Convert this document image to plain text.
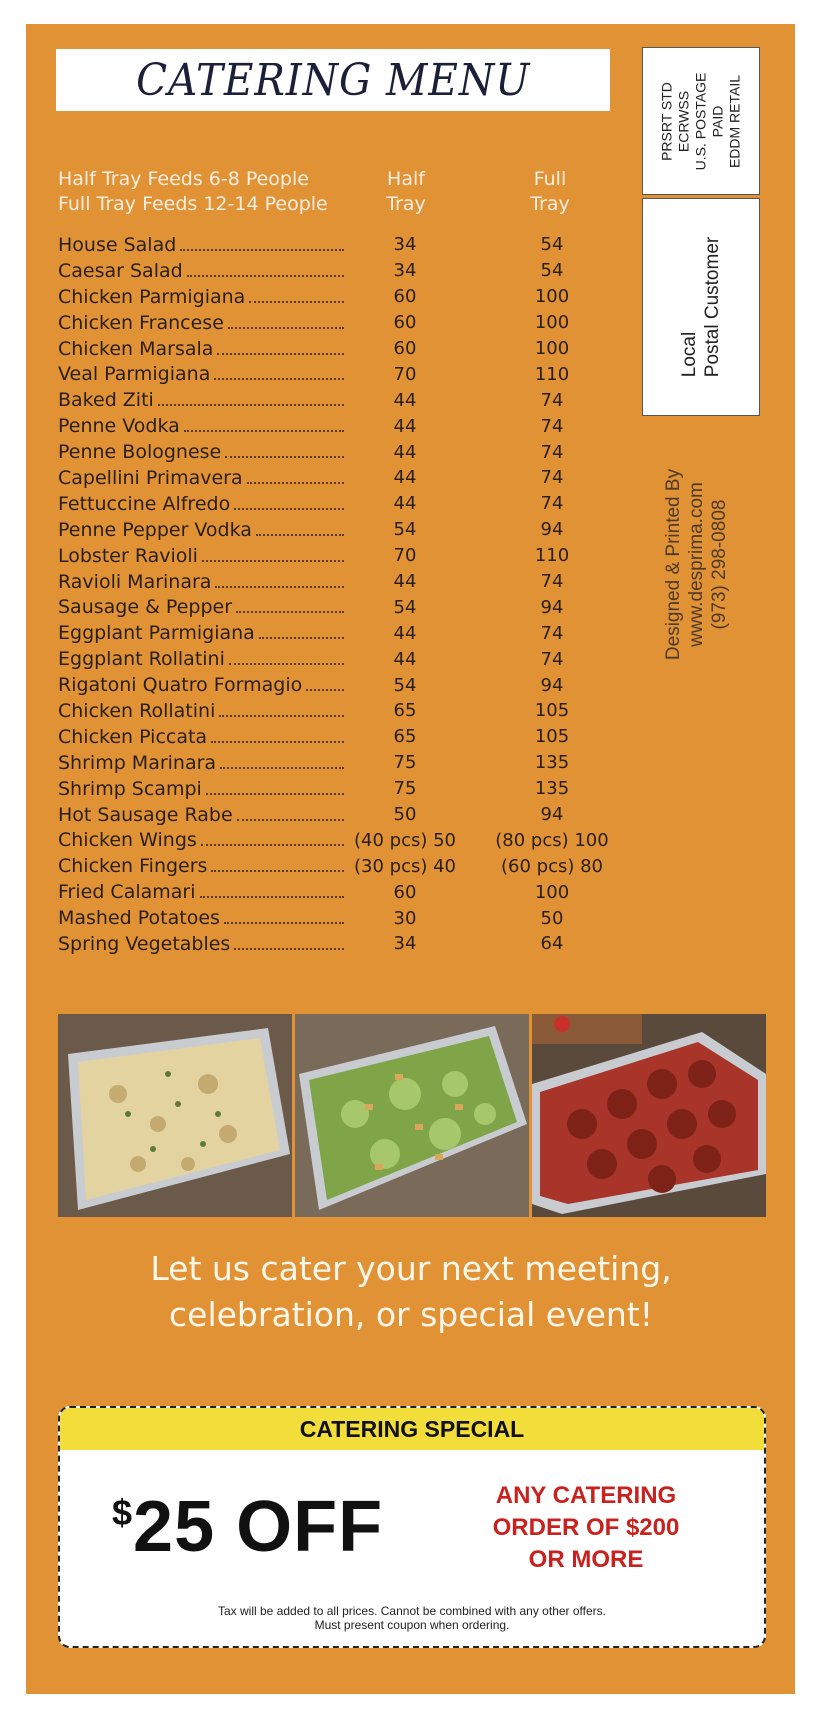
CATERING MENU
PRSRT STD ECRWSS U.S. POSTAGE PAID EDDM RETAIL
Local Postal Customer
Designed & Printed By www.desprima.com (973) 298-0808
Half Tray Feeds 6-8 People
Full Tray Feeds 12-14 People
Half
Tray
Full
Tray
House Salad	34	54
Caesar Salad	34	54
Chicken Parmigiana	60	100
Chicken Francese	60	100
Chicken Marsala	60	100
Veal Parmigiana	70	110
Baked Ziti	44	74
Penne Vodka	44	74
Penne Bolognese	44	74
Capellini Primavera	44	74
Fettuccine Alfredo	44	74
Penne Pepper Vodka	54	94
Lobster Ravioli	70	110
Ravioli Marinara	44	74
Sausage & Pepper	54	94
Eggplant Parmigiana	44	74
Eggplant Rollatini	44	74
Rigatoni Quatro Formagio	54	94
Chicken Rollatini	65	105
Chicken Piccata	65	105
Shrimp Marinara	75	135
Shrimp Scampi	75	135
Hot Sausage Rabe	50	94
Chicken Wings	(40 pcs) 50	(80 pcs) 100
Chicken Fingers	(30 pcs) 40	(60 pcs) 80
Fried Calamari	60	100
Mashed Potatoes	30	50
Spring Vegetables	34	64
Let us cater your next meeting,
celebration, or special event!
CATERING SPECIAL
$25 OFF	ANY CATERING
ORDER OF $200
OR MORE
Tax will be added to all prices. Cannot be combined with any other offers.
Must present coupon when ordering.
